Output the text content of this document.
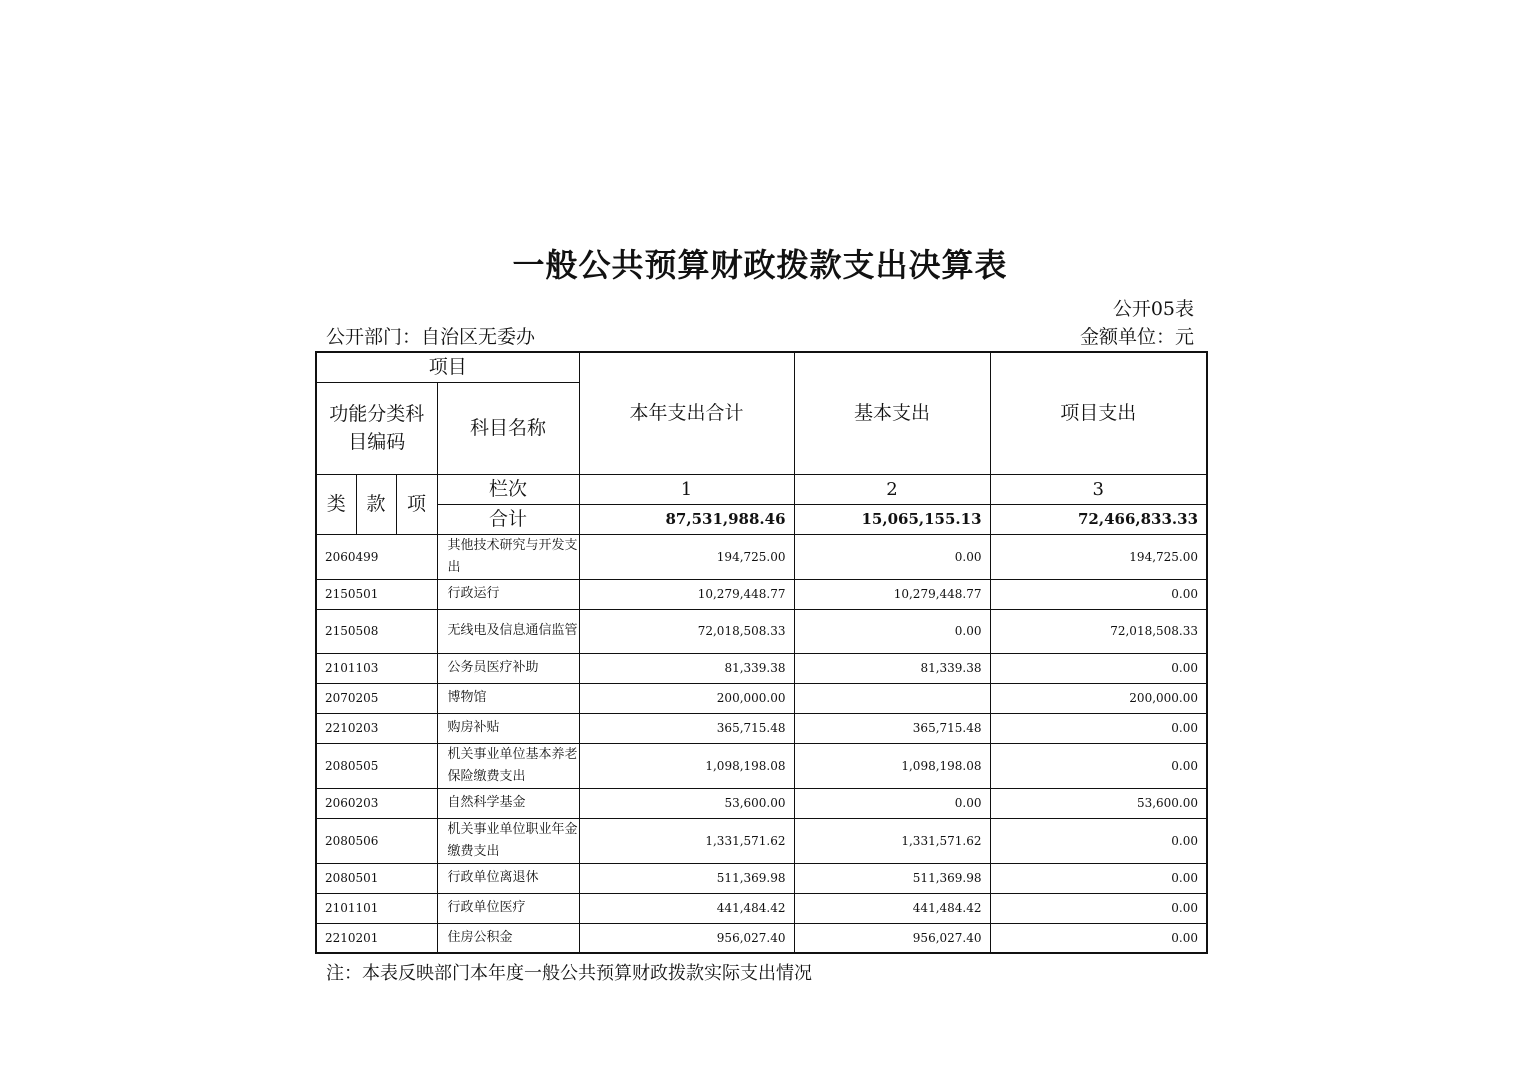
一般公共预算财政拨款支出决算表
公开05表
公开部门：自治区无委办	金额单位：元
项目				本年支出合计	基本支出	项目支出
功能分类科目编码			科目名称			
类	款	项	栏次	1	2	3
			合计	87,531,988.46	15,065,155.13	72,466,833.33
2060499			其他技术研究与开发支出	194,725.00	0.00	194,725.00
2150501			行政运行	10,279,448.77	10,279,448.77	0.00
2150508			无线电及信息通信监管	72,018,508.33	0.00	72,018,508.33
2101103			公务员医疗补助	81,339.38	81,339.38	0.00
2070205			博物馆	200,000.00		200,000.00
2210203			购房补贴	365,715.48	365,715.48	0.00
2080505			机关事业单位基本养老保险缴费支出	1,098,198.08	1,098,198.08	0.00
2060203			自然科学基金	53,600.00	0.00	53,600.00
2080506			机关事业单位职业年金缴费支出	1,331,571.62	1,331,571.62	0.00
2080501			行政单位离退休	511,369.98	511,369.98	0.00
2101101			行政单位医疗	441,484.42	441,484.42	0.00
2210201			住房公积金	956,027.40	956,027.40	0.00
注：本表反映部门本年度一般公共预算财政拨款实际支出情况
